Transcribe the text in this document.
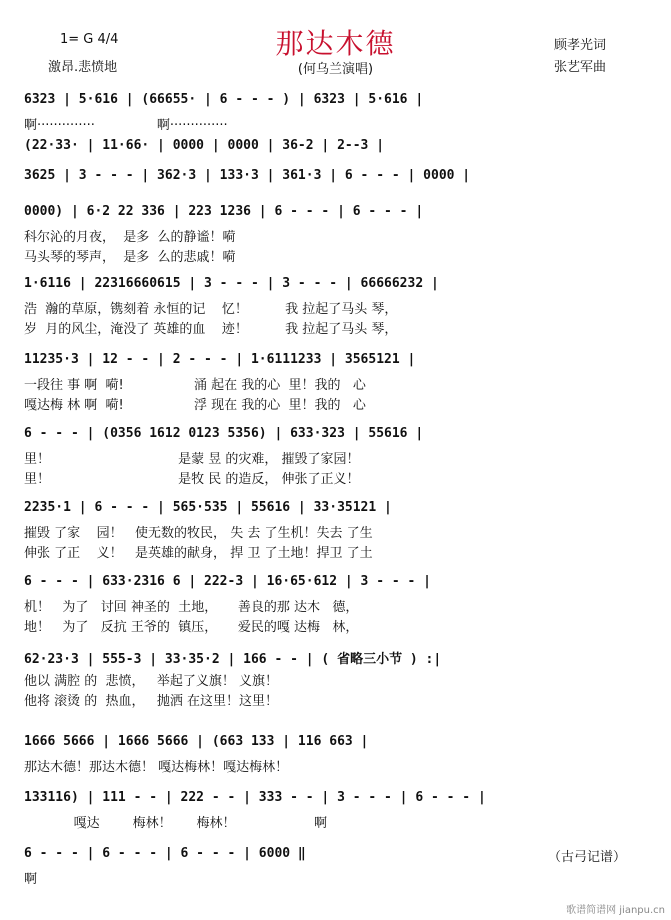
1= G 4/4
激昂.悲愤地
那达木德
(何乌兰演唱)
顾孝光词
张艺军曲
6323 | 5·616 | (66655· | 6 - - - ) | 6323 | 5·616 |
啊··············               啊··············
(22·33· | 11·66· | 0000 | 0000 | 36-2 | 2--3 |
3625 | 3 - - - | 362·3 | 133·3 | 361·3 | 6 - - - | 0000 |
0000) | 6·2 22 336 | 223 1236 | 6 - - - | 6 - - - |
科尔沁的月夜，  是多  么的静谧！嗬
马头琴的琴声，  是多  么的悲戚！嗬
1·6116 | 22316660615 | 3 - - - | 3 - - - | 66666232 |
浩  瀚的草原，镌刻着 永恒的记    忆！         我 拉起了马头 琴，
岁  月的风尘，淹没了 英雄的血    迹！         我 拉起了马头 琴，
11235·3 | 12 - - | 2 - - - | 1·6111233 | 3565121 |
一段往 事 啊  嗬!                 涌 起在 我的心  里！我的   心
嘎达梅 林 啊  嗬!                 浮 现在 我的心  里！我的   心
6 - - - | (0356 1612 0123 5356) | 633·323 | 55616 |
里！                               是蒙 昱 的灾难， 摧毁了家园！
里！                               是牧 民 的造反， 伸张了正义！
2235·1 | 6 - - - | 565·535 | 55616 | 33·35121 |
摧毁 了家    园！   使无数的牧民， 失 去 了生机！失去 了生
伸张 了正    义！   是英雄的献身， 捍 卫 了土地！捍卫 了土
6 - - - | 633·2316 6 | 222-3 | 16·65·612 | 3 - - - |
机！   为了   讨回 神圣的  土地，     善良的那 达木   德，
地！   为了   反抗 王爷的  镇压，     爱民的嘎 达梅   林，
62·23·3 | 555-3 | 33·35·2 | 166 - - | ( 省略三小节 ) :|
他以 满腔 的  悲愤，   举起了义旗！ 义旗！
他将 滚烫 的  热血，   抛洒 在这里！这里！
1666 5666 | 1666 5666 | (663 133 | 116 663 |
那达木德！那达木德！ 嘎达梅林！嘎达梅林！
133116) | 111 - - | 222 - - | 333 - - | 3 - - - | 6 - - - |
嘎达        梅林！      梅林！                   啊
6 - - - | 6 - - - | 6 - - - | 6000 ‖
啊
（古弓记谱）
歌谱简谱网 jianpu.cn
